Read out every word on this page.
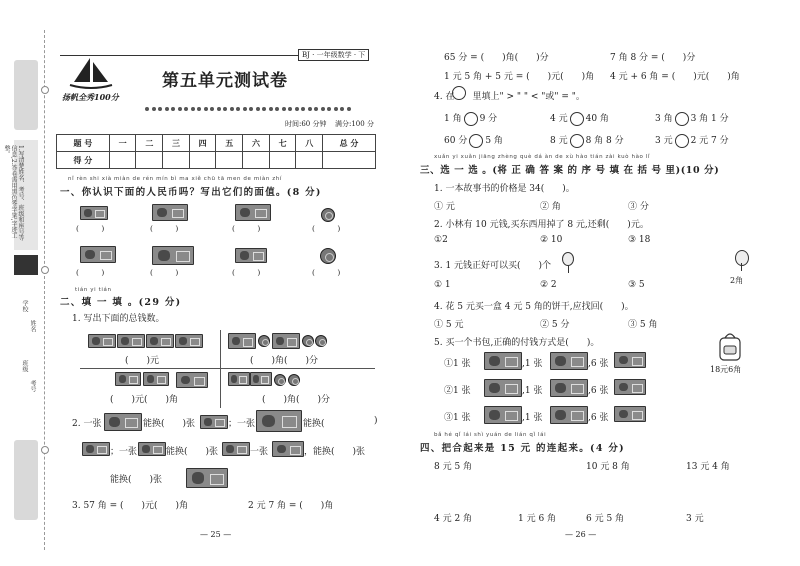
1.写清楚姓名、考号、班级和座号等信息,2.答卷需用黑色签字笔,字迹工整。
学校
班级
姓名
考号
扬帆全秀100分
BJ · 一年级数学 · 下
第五单元测试卷
时间:60 分钟 满分:100 分
题 号	一	二	三	四	五	六	七	八	总 分
得 分									
nǐ rèn shi xià miàn de rén mín bì ma xiě chū tā men de miàn zhí
一、你认识下面的人民币吗？写出它们的面值。(8 分)
(　　　)	(　　　)	(　　　)	(　　　)
(　　　)	(　　　)	(　　　)	(　　　)
tián yi tián
二、填 一 填 。(29 分)
1. 写出下面的总钱数。
(　　)元	(　　)角(　　)分
(　　)元(　　)角	(　　)角(　　)分
2. 一张	能换(　　)张	；一张	能换(　　	)
；一张	能换(　　)张	一张	，能换(　　)张
能换(　　)张
3. 57 角 = (　　)元(　　)角	2 元 7 角 = (　　)角
— 25 —
65 分 = (　　)角(　　)分	7 角 8 分 = (　　)分
1 元 5 角 + 5 元 = (　　)元(　　)角 4 元 + 6 角 = (　　)元(　　)角
4. 在　　里填上" > " " < "或" = "。
1 角 9 分	4 元 40 角	3 角 3 角 1 分
60 分 5 角	8 元 8 角 8 分	3 元 2 元 7 分
xuǎn yi xuǎn jiāng zhèng què dá àn de xù hào tián zài kuò hào lǐ
三、选 一 选 。(将 正 确 答 案 的 序 号 填 在 括 号 里)(10 分)
1. 一本故事书的价格是 34(　　)。
① 元	② 角	③ 分
2. 小林有 10 元钱,买东西用掉了 8 元,还剩(　　)元。
①2	② 10	③ 18
3. 1 元钱正好可以买(　　)个
2角
① 1	② 2	③ 5
4. 花 5 元买一盒 4 元 5 角的饼干,应找回(　　)。
① 5 元	② 5 分	③ 5 角
5. 买一个书包,正确的付钱方式是(　　)。
18元6角
①1 张	,1 张	,6 张
②1 张	,1 张	,6 张
③1 张	,1 张	,6 张
bǎ hé qǐ lái shì yuán de lián qǐ lái
四、把合起来是 15 元 的连起来。(4 分)
8 元 5 角	10 元 8 角	13 元 4 角
4 元 2 角	1 元 6 角	6 元 5 角	3 元
— 26 —
